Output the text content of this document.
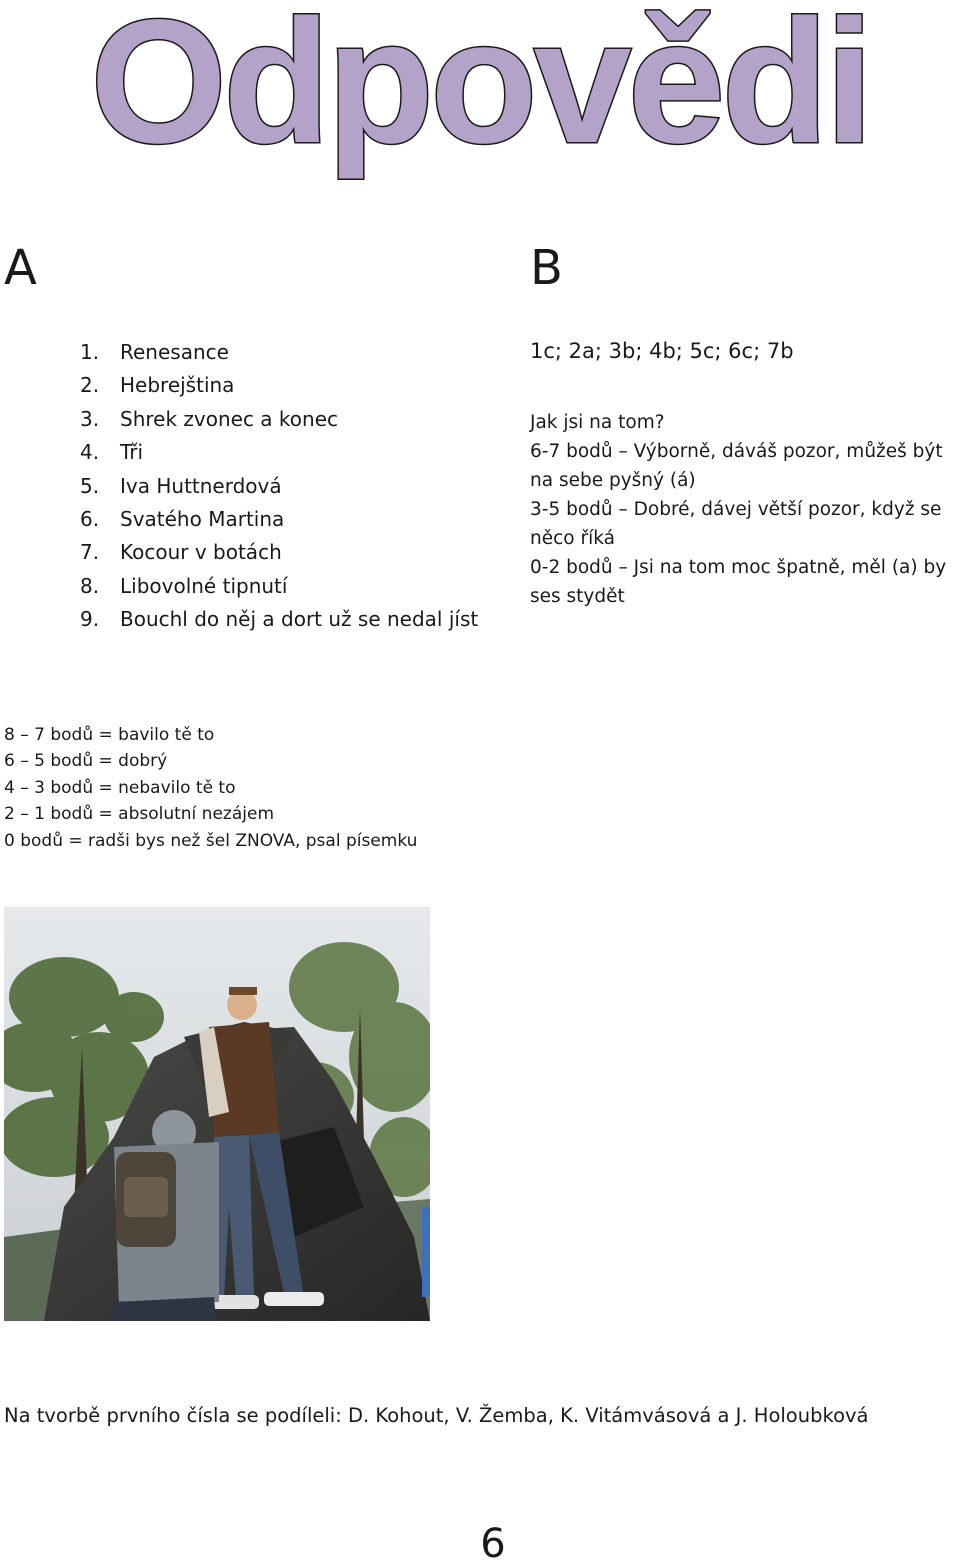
Odpovědi
A	B
1.	Renesance
2.	Hebrejština
3.	Shrek zvonec a konec
4.	Tři
5.	Iva Huttnerdová
6.	Svatého Martina
7.	Kocour v botách
8.	Libovolné tipnutí
9.	Bouchl do něj a dort už se nedal jíst

1c; 2a; 3b; 4b; 5c; 6c; 7b

Jak jsi na tom?
6-7 bodů – Výborně, dáváš pozor, můžeš být na sebe pyšný (á)
3-5 bodů – Dobré, dávej větší pozor, když se něco říká
0-2 bodů – Jsi na tom moc špatně, měl (a) by ses stydět
8 – 7 bodů = bavilo tě to
6 – 5 bodů = dobrý
4 – 3 bodů = nebavilo tě to
2 – 1 bodů = absolutní nezájem
0 bodů = radši bys než šel ZNOVA, psal písemku
Na tvorbě prvního čísla se podíleli: D. Kohout, V. Žemba, K. Vitámvásová a J. Holoubková
6
